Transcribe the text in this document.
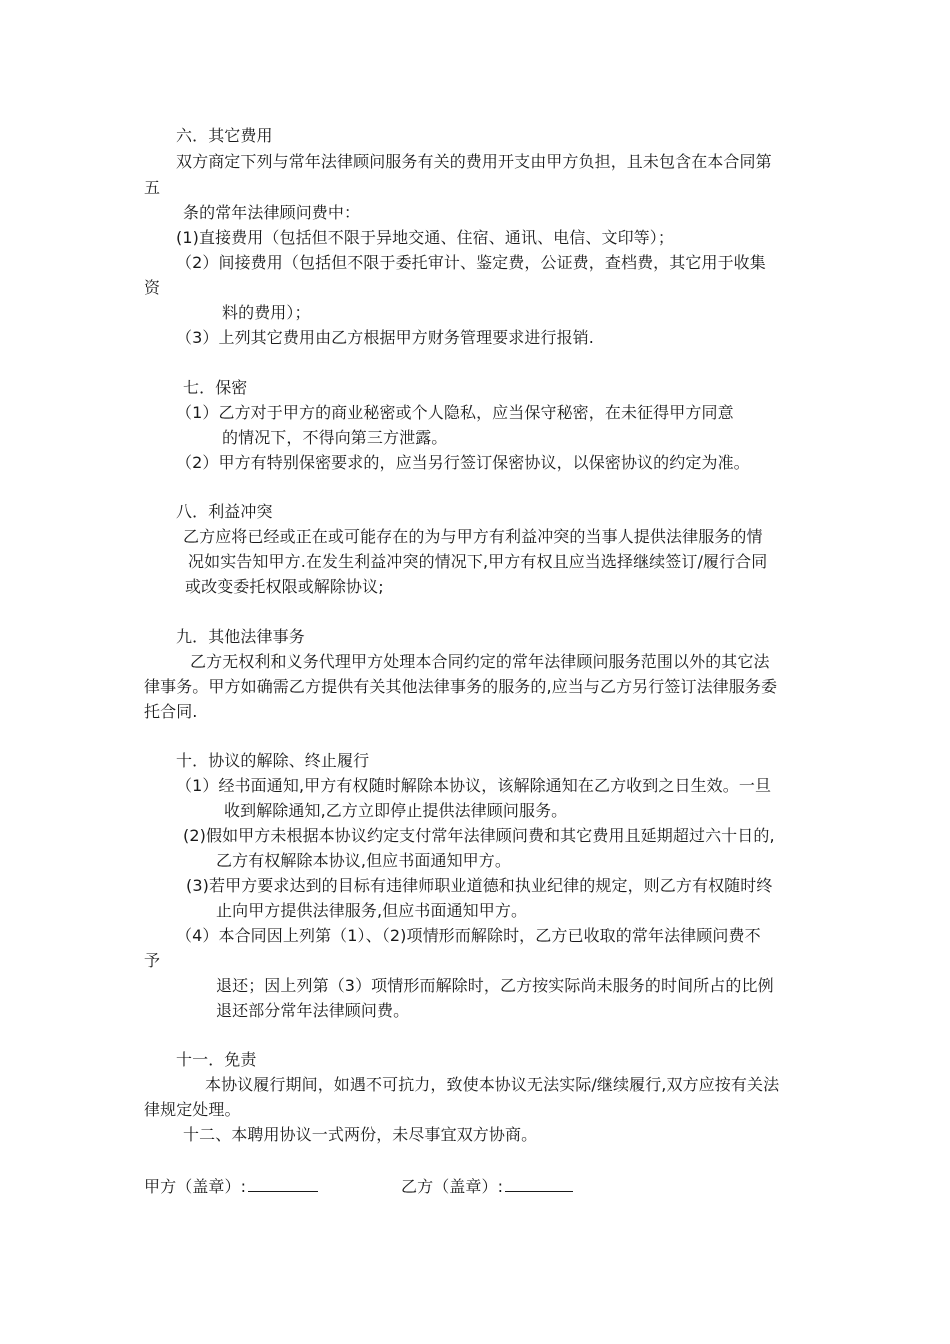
六．其它费用
双方商定下列与常年法律顾问服务有关的费用开支由甲方负担，且未包含在本合同第
五
条的常年法律顾问费中：
(1)直接费用（包括但不限于异地交通、住宿、通讯、电信、文印等）；
（2）间接费用（包括但不限于委托审计、鉴定费，公证费，查档费，其它用于收集
资
料的费用）；
（3）上列其它费用由乙方根据甲方财务管理要求进行报销.
七．保密
（1）乙方对于甲方的商业秘密或个人隐私，应当保守秘密，在未征得甲方同意
的情况下，不得向第三方泄露。
（2）甲方有特别保密要求的，应当另行签订保密协议，以保密协议的约定为准。
八．利益冲突
乙方应将已经或正在或可能存在的为与甲方有利益冲突的当事人提供法律服务的情
况如实告知甲方.在发生利益冲突的情况下,甲方有权且应当选择继续签订/履行合同
或改变委托权限或解除协议;
九．其他法律事务
乙方无权利和义务代理甲方处理本合同约定的常年法律顾问服务范围以外的其它法
律事务。甲方如确需乙方提供有关其他法律事务的服务的,应当与乙方另行签订法律服务委
托合同.
十．协议的解除、终止履行
（1）经书面通知,甲方有权随时解除本协议，该解除通知在乙方收到之日生效。一旦
收到解除通知,乙方立即停止提供法律顾问服务。
(2)假如甲方未根据本协议约定支付常年法律顾问费和其它费用且延期超过六十日的,
乙方有权解除本协议,但应书面通知甲方。
(3)若甲方要求达到的目标有违律师职业道德和执业纪律的规定，则乙方有权随时终
止向甲方提供法律服务,但应书面通知甲方。
（4）本合同因上列第（1）、（2)项情形而解除时，乙方已收取的常年法律顾问费不
予
退还；因上列第（3）项情形而解除时，乙方按实际尚未服务的时间所占的比例
退还部分常年法律顾问费。
十一．免责
本协议履行期间，如遇不可抗力，致使本协议无法实际/继续履行,双方应按有关法
律规定处理。
十二、本聘用协议一式两份，未尽事宜双方协商。
甲方（盖章）:	乙方（盖章）:
